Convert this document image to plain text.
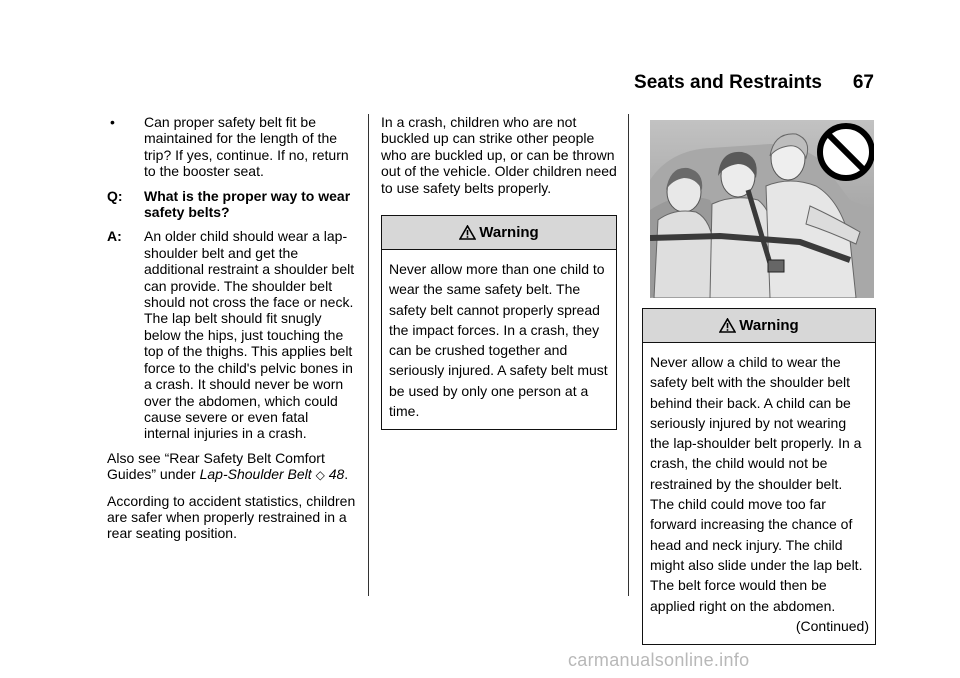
Seats and Restraints 67
• Can proper safety belt fit be maintained for the length of the trip? If yes, continue. If no, return to the booster seat.
Q: What is the proper way to wear safety belts?
A: An older child should wear a lap-shoulder belt and get the additional restraint a shoulder belt can provide. The shoulder belt should not cross the face or neck. The lap belt should fit snugly below the hips, just touching the top of the thighs. This applies belt force to the child's pelvic bones in a crash. It should never be worn over the abdomen, which could cause severe or even fatal internal injuries in a crash.

Also see “Rear Safety Belt Comfort Guides” under Lap-Shoulder Belt ◇ 48.

According to accident statistics, children are safer when properly restrained in a rear seating position.

In a crash, children who are not buckled up can strike other people who are buckled up, or can be thrown out of the vehicle. Older children need to use safety belts properly.

Warning
Never allow more than one child to wear the same safety belt. The safety belt cannot properly spread the impact forces. In a crash, they can be crushed together and seriously injured. A safety belt must be used by only one person at a time.
Warning
Never allow a child to wear the safety belt with the shoulder belt behind their back. A child can be seriously injured by not wearing the lap-shoulder belt properly. In a crash, the child would not be restrained by the shoulder belt. The child could move too far forward increasing the chance of head and neck injury. The child might also slide under the lap belt. The belt force would then be applied right on the abdomen.
(Continued)
carmanualsonline.info
